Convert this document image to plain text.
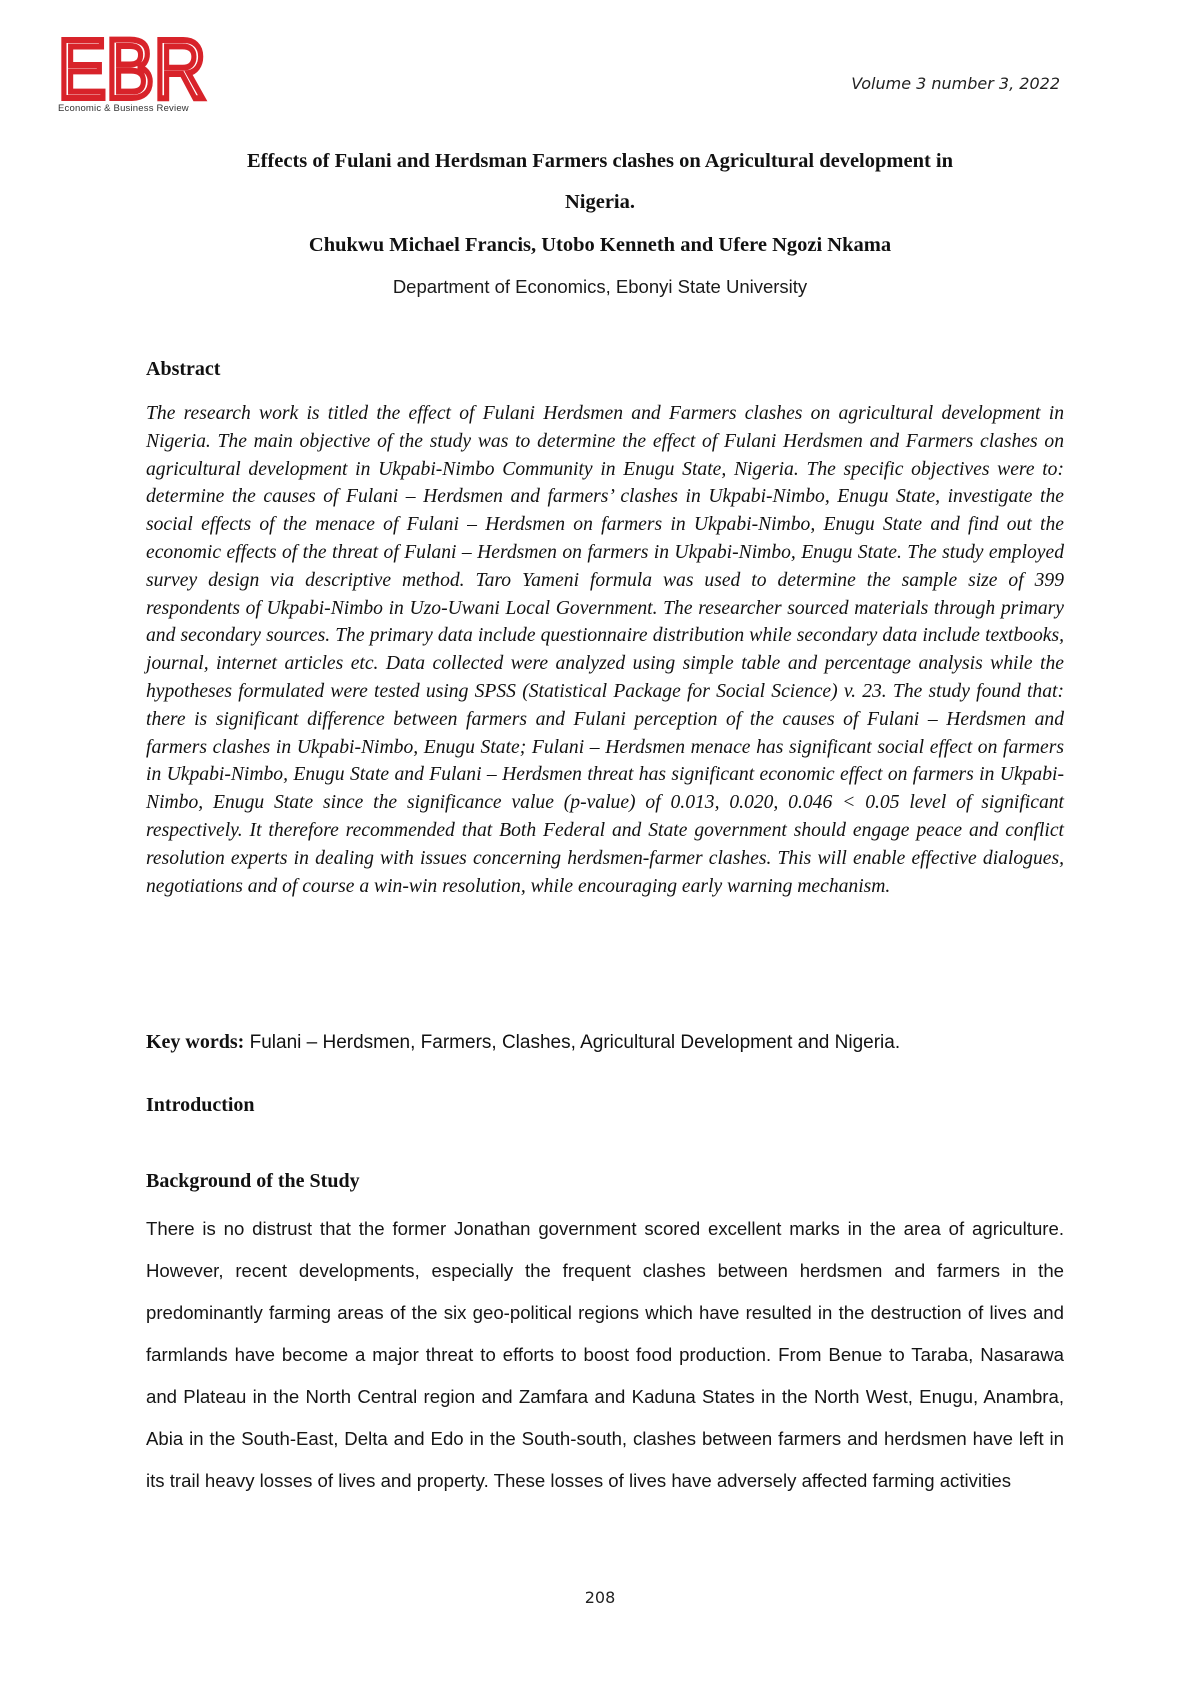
EBR
Economic & Business Review
Volume 3 number 3, 2022
Effects of Fulani and Herdsman Farmers clashes on Agricultural development in
Nigeria.
Chukwu Michael Francis, Utobo Kenneth and Ufere Ngozi Nkama
Department of Economics, Ebonyi State University
Abstract

The research work is titled the effect of Fulani Herdsmen and Farmers clashes on agricultural development in Nigeria. The main objective of the study was to determine the effect of Fulani Herdsmen and Farmers clashes on agricultural development in Ukpabi-Nimbo Community in Enugu State, Nigeria. The specific objectives were to: determine the causes of Fulani – Herdsmen and farmers’ clashes in Ukpabi-Nimbo, Enugu State, investigate the social effects of the menace of Fulani – Herdsmen on farmers in Ukpabi-Nimbo, Enugu State and find out the economic effects of the threat of Fulani – Herdsmen on farmers in Ukpabi-Nimbo, Enugu State. The study employed survey design via descriptive method. Taro Yameni formula was used to determine the sample size of 399 respondents of Ukpabi-Nimbo in Uzo-Uwani Local Government. The researcher sourced materials through primary and secondary sources. The primary data include questionnaire distribution while secondary data include textbooks, journal, internet articles etc. Data collected were analyzed using simple table and percentage analysis while the hypotheses formulated were tested using SPSS (Statistical Package for Social Science) v. 23. The study found that: there is significant difference between farmers and Fulani perception of the causes of Fulani – Herdsmen and farmers clashes in Ukpabi-Nimbo, Enugu State; Fulani – Herdsmen menace has significant social effect on farmers in Ukpabi-Nimbo, Enugu State and Fulani – Herdsmen threat has significant economic effect on farmers in Ukpabi-Nimbo, Enugu State since the significance value (p-value) of 0.013, 0.020, 0.046 < 0.05 level of significant respectively. It therefore recommended that Both Federal and State government should engage peace and conflict resolution experts in dealing with issues concerning herdsmen-farmer clashes. This will enable effective dialogues, negotiations and of course a win-win resolution, while encouraging early warning mechanism.

Key words: Fulani – Herdsmen, Farmers, Clashes, Agricultural Development and Nigeria.
Introduction
Background of the Study

There is no distrust that the former Jonathan government scored excellent marks in the area of agriculture. However, recent developments, especially the frequent clashes between herdsmen and farmers in the predominantly farming areas of the six geo-political regions which have resulted in the destruction of lives and farmlands have become a major threat to efforts to boost food production. From Benue to Taraba, Nasarawa and Plateau in the North Central region and Zamfara and Kaduna States in the North West, Enugu, Anambra, Abia in the South-East, Delta and Edo in the South-south, clashes between farmers and herdsmen have left in its trail heavy losses of lives and property. These losses of lives have adversely affected farming activities

208
